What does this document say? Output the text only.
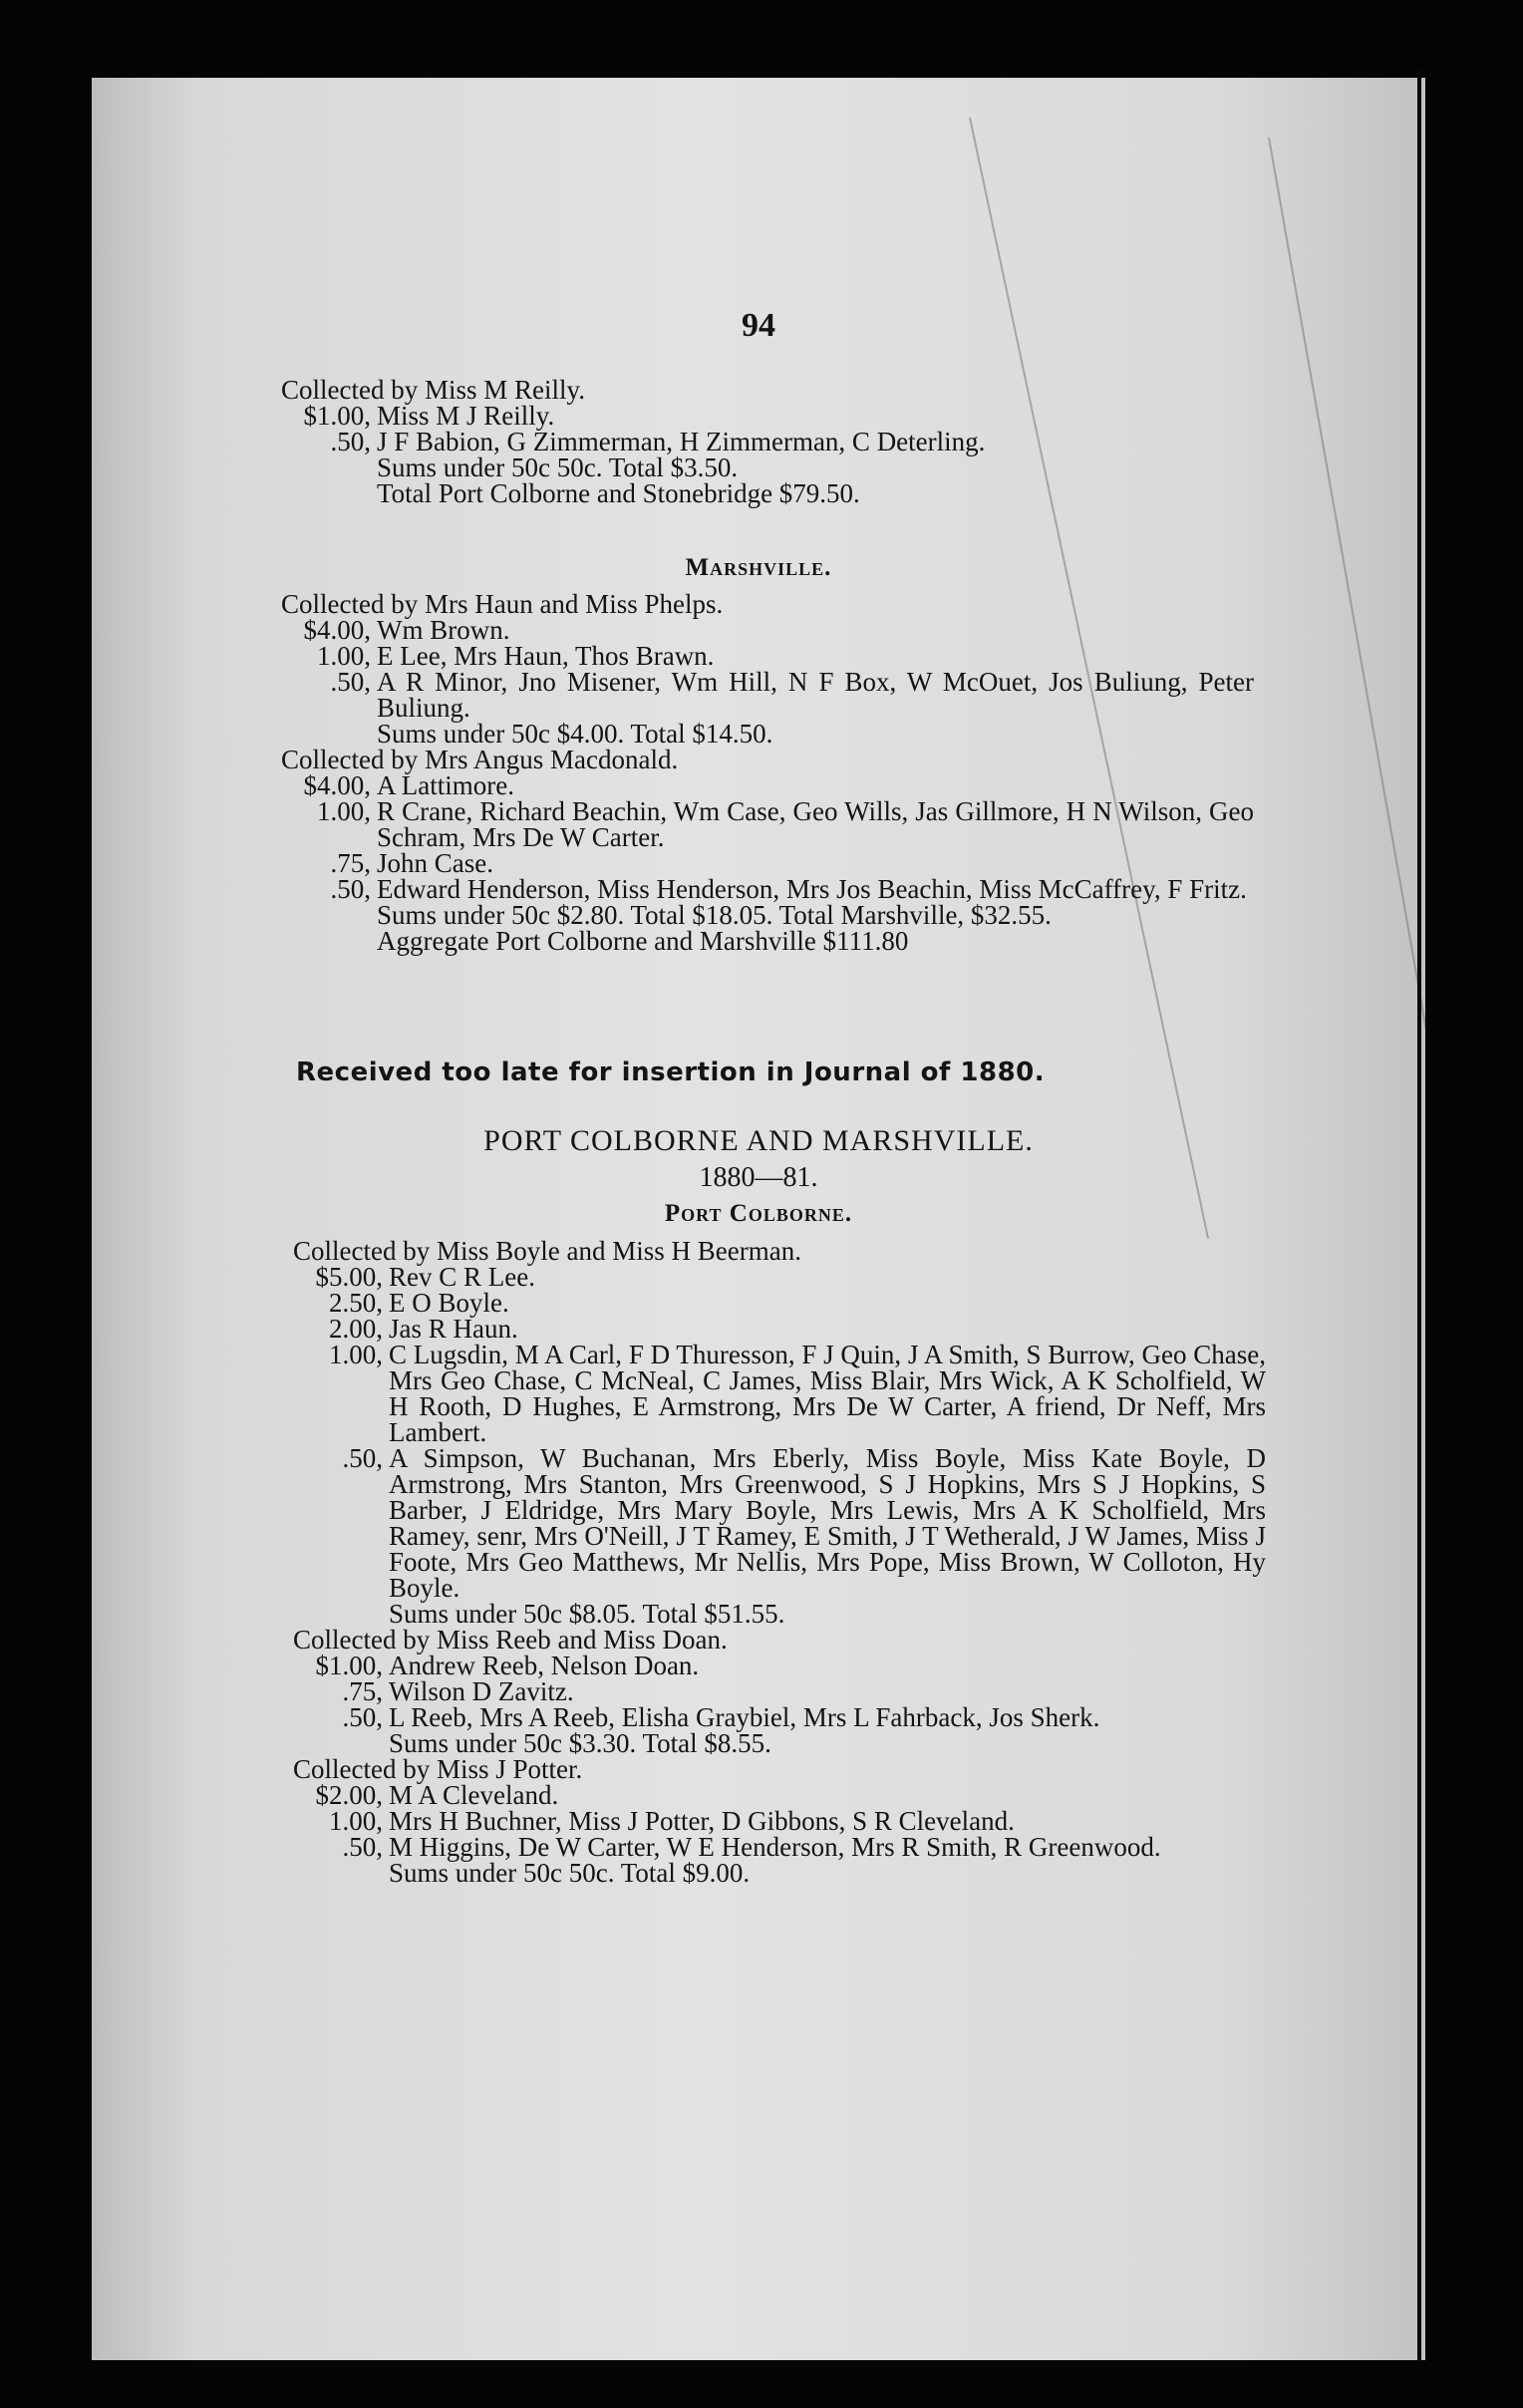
94
Collected by Miss M Reilly.
$1.00, Miss M J Reilly.
.50, J F Babion, G Zimmerman, H Zimmerman, C Deterling.
Sums under 50c 50c. Total $3.50.
Total Port Colborne and Stonebridge $79.50.
Marshville.
Collected by Mrs Haun and Miss Phelps.
$4.00, Wm Brown.
1.00, E Lee, Mrs Haun, Thos Brawn.
.50, A R Minor, Jno Misener, Wm Hill, N F Box, W McOuet, Jos Buliung, Peter Buliung.
Sums under 50c $4.00. Total $14.50.
Collected by Mrs Angus Macdonald.
$4.00, A Lattimore.
1.00, R Crane, Richard Beachin, Wm Case, Geo Wills, Jas Gillmore, H N Wilson, Geo Schram, Mrs De W Carter.
.75, John Case.
.50, Edward Henderson, Miss Henderson, Mrs Jos Beachin, Miss McCaffrey, F Fritz.
Sums under 50c $2.80. Total $18.05. Total Marshville, $32.55.
Aggregate Port Colborne and Marshville $111.80
Received too late for insertion in Journal of 1880.
PORT COLBORNE AND MARSHVILLE.
1880—81.
Port Colborne.
Collected by Miss Boyle and Miss H Beerman.
$5.00, Rev C R Lee.
2.50, E O Boyle.
2.00, Jas R Haun.
1.00, C Lugsdin, M A Carl, F D Thuresson, F J Quin, J A Smith, S Burrow, Geo Chase, Mrs Geo Chase, C McNeal, C James, Miss Blair, Mrs Wick, A K Scholfield, W H Rooth, D Hughes, E Armstrong, Mrs De W Carter, A friend, Dr Neff, Mrs Lambert.
.50, A Simpson, W Buchanan, Mrs Eberly, Miss Boyle, Miss Kate Boyle, D Armstrong, Mrs Stanton, Mrs Greenwood, S J Hopkins, Mrs S J Hopkins, S Barber, J Eldridge, Mrs Mary Boyle, Mrs Lewis, Mrs A K Scholfield, Mrs Ramey, senr, Mrs O'Neill, J T Ramey, E Smith, J T Wetherald, J W James, Miss J Foote, Mrs Geo Matthews, Mr Nellis, Mrs Pope, Miss Brown, W Colloton, Hy Boyle.
Sums under 50c $8.05. Total $51.55.
Collected by Miss Reeb and Miss Doan.
$1.00, Andrew Reeb, Nelson Doan.
.75, Wilson D Zavitz.
.50, L Reeb, Mrs A Reeb, Elisha Graybiel, Mrs L Fahrback, Jos Sherk.
Sums under 50c $3.30. Total $8.55.
Collected by Miss J Potter.
$2.00, M A Cleveland.
1.00, Mrs H Buchner, Miss J Potter, D Gibbons, S R Cleveland.
.50, M Higgins, De W Carter, W E Henderson, Mrs R Smith, R Greenwood.
Sums under 50c 50c. Total $9.00.
